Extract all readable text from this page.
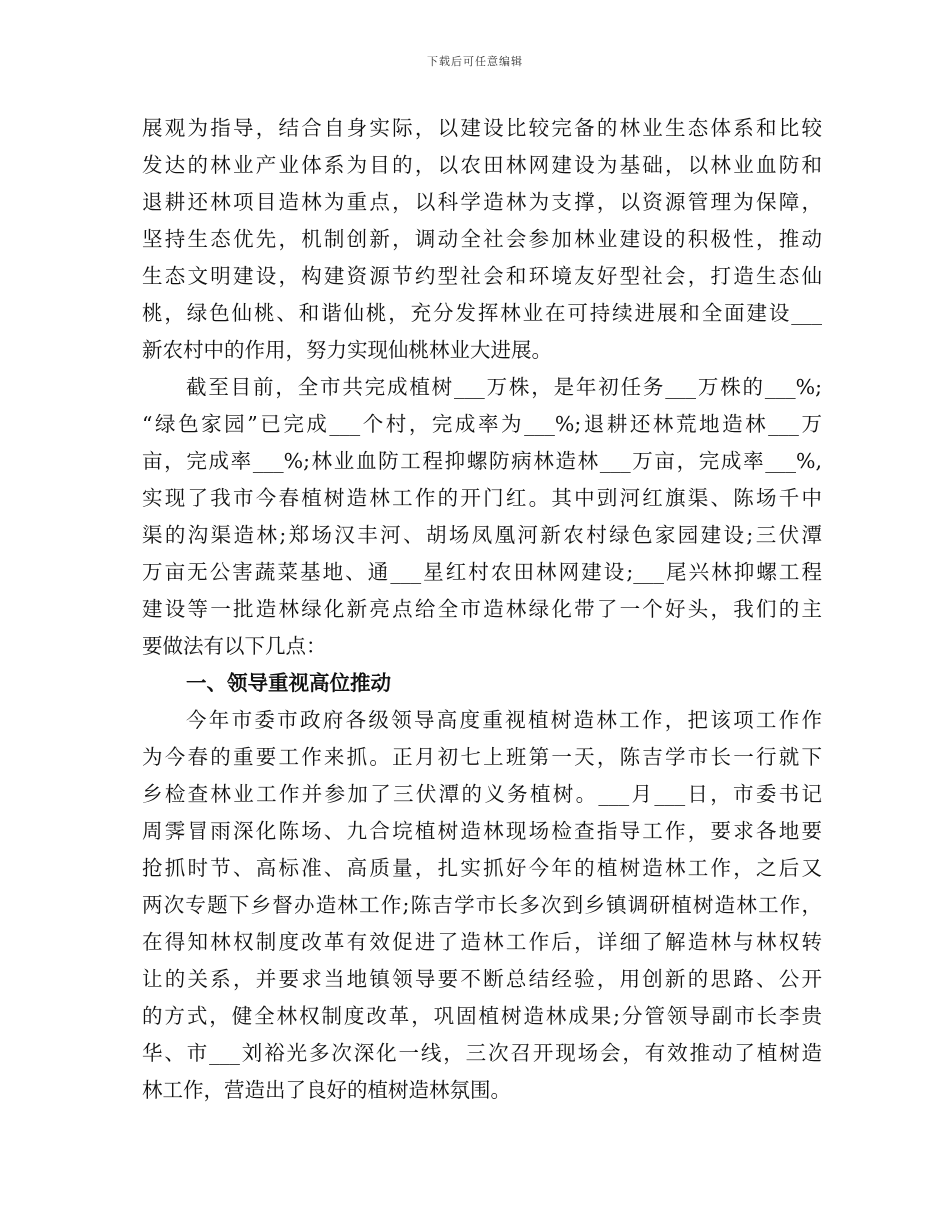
下载后可任意编辑
展观为指导，结合自身实际，以建设比较完备的林业生态体系和比较
发达的林业产业体系为目的，以农田林网建设为基础，以林业血防和
退耕还林项目造林为重点，以科学造林为支撑，以资源管理为保障，
坚持生态优先，机制创新，调动全社会参加林业建设的积极性，推动
生态文明建设，构建资源节约型社会和环境友好型社会，打造生态仙
桃，绿色仙桃、和谐仙桃，充分发挥林业在可持续进展和全面建设___
新农村中的作用，努力实现仙桃林业大进展。
截至目前，全市共完成植树___万株，是年初任务___万株的___%;
“绿色家园”已完成___个村，完成率为___%;退耕还林荒地造林___万
亩，完成率___%;林业血防工程抑螺防病林造林___万亩，完成率___%,
实现了我市今春植树造林工作的开门红。其中剅河红旗渠、陈场千中
渠的沟渠造林;郑场汉丰河、胡场凤凰河新农村绿色家园建设;三伏潭
万亩无公害蔬菜基地、通___星红村农田林网建设;___尾兴林抑螺工程
建设等一批造林绿化新亮点给全市造林绿化带了一个好头，我们的主
要做法有以下几点：
一、领导重视高位推动
今年市委市政府各级领导高度重视植树造林工作，把该项工作作
为今春的重要工作来抓。正月初七上班第一天，陈吉学市长一行就下
乡检查林业工作并参加了三伏潭的义务植树。___月___日，市委书记
周霁冒雨深化陈场、九合垸植树造林现场检查指导工作，要求各地要
抢抓时节、高标准、高质量，扎实抓好今年的植树造林工作，之后又
两次专题下乡督办造林工作;陈吉学市长多次到乡镇调研植树造林工作，
在得知林权制度改革有效促进了造林工作后，详细了解造林与林权转
让的关系，并要求当地镇领导要不断总结经验，用创新的思路、公开
的方式，健全林权制度改革，巩固植树造林成果;分管领导副市长李贵
华、市___刘裕光多次深化一线，三次召开现场会，有效推动了植树造
林工作，营造出了良好的植树造林氛围。
